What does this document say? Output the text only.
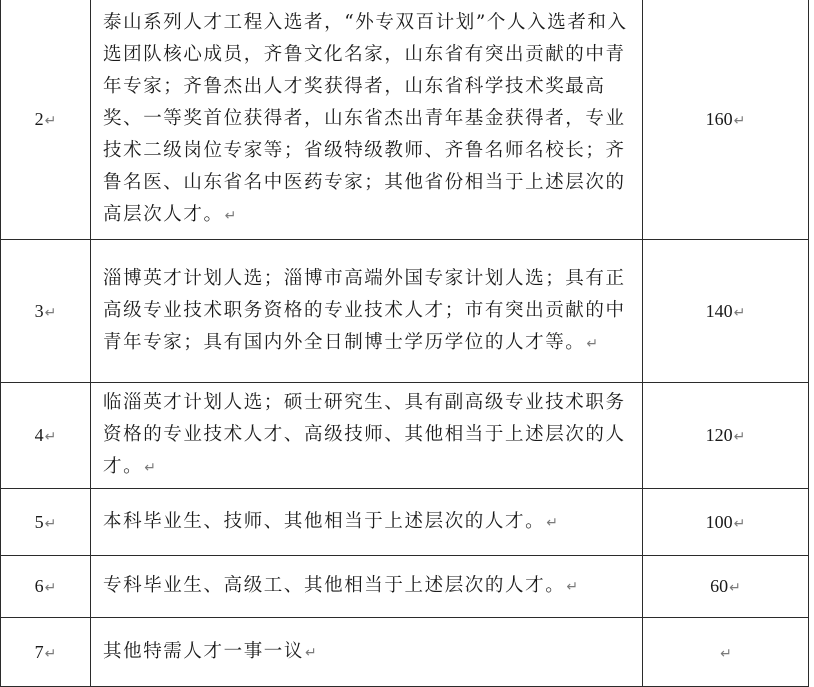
2↵	泰山系列人才工程入选者，“外专双百计划”个人入选者和入选团队核心成员，齐鲁文化名家，山东省有突出贡献的中青年专家；齐鲁杰出人才奖获得者，山东省科学技术奖最高奖、一等奖首位获得者，山东省杰出青年基金获得者，专业技术二级岗位专家等；省级特级教师、齐鲁名师名校长；齐鲁名医、山东省名中医药专家；其他省份相当于上述层次的高层次人才。↵	160↵
3↵	淄博英才计划人选；淄博市高端外国专家计划人选；具有正高级专业技术职务资格的专业技术人才；市有突出贡献的中青年专家；具有国内外全日制博士学历学位的人才等。↵	140↵
4↵	临淄英才计划人选；硕士研究生、具有副高级专业技术职务资格的专业技术人才、高级技师、其他相当于上述层次的人才。↵	120↵
5↵	本科毕业生、技师、其他相当于上述层次的人才。↵	100↵
6↵	专科毕业生、高级工、其他相当于上述层次的人才。↵	60↵
7↵	其他特需人才一事一议↵	↵
